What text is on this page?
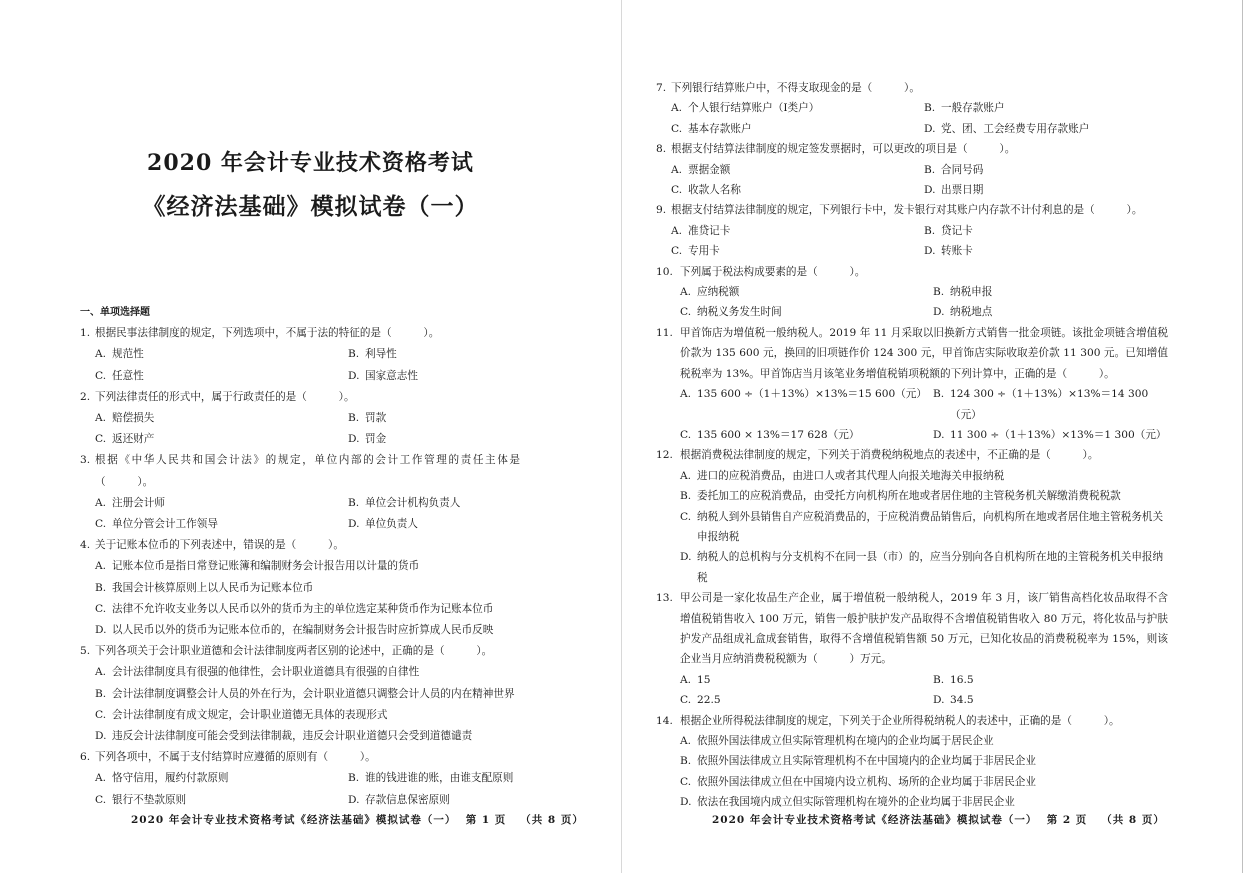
2020 年会计专业技术资格考试
《经济法基础》模拟试卷（一）
一、单项选择题
1. 根据民事法律制度的规定，下列选项中，不属于法的特征的是（　　　）。
A. 规范性	B. 利导性
C. 任意性	D. 国家意志性
2. 下列法律责任的形式中，属于行政责任的是（　　　）。
A. 赔偿损失	B. 罚款
C. 返还财产	D. 罚金
3. 根据《中华人民共和国会计法》的规定，单位内部的会计工作管理的责任主体是（　　　）。
A. 注册会计师	B. 单位会计机构负责人
C. 单位分管会计工作领导	D. 单位负责人
4. 关于记账本位币的下列表述中，错误的是（　　　）。
A. 记账本位币是指日常登记账簿和编制财务会计报告用以计量的货币
B. 我国会计核算原则上以人民币为记账本位币
C. 法律不允许收支业务以人民币以外的货币为主的单位选定某种货币作为记账本位币
D. 以人民币以外的货币为记账本位币的，在编制财务会计报告时应折算成人民币反映
5. 下列各项关于会计职业道德和会计法律制度两者区别的论述中，正确的是（　　　）。
A. 会计法律制度具有很强的他律性，会计职业道德具有很强的自律性
B. 会计法律制度调整会计人员的外在行为，会计职业道德只调整会计人员的内在精神世界
C. 会计法律制度有成文规定，会计职业道德无具体的表现形式
D. 违反会计法律制度可能会受到法律制裁，违反会计职业道德只会受到道德谴责
6. 下列各项中，不属于支付结算时应遵循的原则有（　　　）。
A. 恪守信用，履约付款原则	B. 谁的钱进谁的账，由谁支配原则
C. 银行不垫款原则	D. 存款信息保密原则
2020 年会计专业技术资格考试《经济法基础》模拟试卷（一）  第 1 页   （共 8 页）
7. 下列银行结算账户中，不得支取现金的是（　　　）。
A. 个人银行结算账户（Ⅰ类户）	B. 一般存款账户
C. 基本存款账户	D. 党、团、工会经费专用存款账户
8. 根据支付结算法律制度的规定签发票据时，可以更改的项目是（　　　）。
A. 票据金额	B. 合同号码
C. 收款人名称	D. 出票日期
9. 根据支付结算法律制度的规定，下列银行卡中，发卡银行对其账户内存款不计付利息的是（　　　）。
A. 准贷记卡	B. 贷记卡
C. 专用卡	D. 转账卡
10. 下列属于税法构成要素的是（　　　）。
A. 应纳税额	B. 纳税申报
C. 纳税义务发生时间	D. 纳税地点
11. 甲首饰店为增值税一般纳税人。2019 年 11 月采取以旧换新方式销售一批金项链。该批金项链含增值税价款为 135 600 元，换回的旧项链作价 124 300 元，甲首饰店实际收取差价款 11 300 元。已知增值税税率为 13%。甲首饰店当月该笔业务增值税销项税额的下列计算中，正确的是（　　　）。
A. 135 600 ÷（1＋13%）×13%＝15 600（元） B. 124 300 ÷（1＋13%）×13%＝14 300（元）
C. 135 600 × 13%＝17 628（元）	D. 11 300 ÷（1＋13%）×13%＝1 300（元）
12. 根据消费税法律制度的规定，下列关于消费税纳税地点的表述中，不正确的是（　　　）。
A. 进口的应税消费品，由进口人或者其代理人向报关地海关申报纳税
B. 委托加工的应税消费品，由受托方向机构所在地或者居住地的主管税务机关解缴消费税税款
C. 纳税人到外县销售自产应税消费品的，于应税消费品销售后，向机构所在地或者居住地主管税务机关申报纳税
D. 纳税人的总机构与分支机构不在同一县（市）的，应当分别向各自机构所在地的主管税务机关申报纳税
13. 甲公司是一家化妆品生产企业，属于增值税一般纳税人，2019 年 3 月，该厂销售高档化妆品取得不含增值税销售收入 100 万元，销售一般护肤护发产品取得不含增值税销售收入 80 万元，将化妆品与护肤护发产品组成礼盒成套销售，取得不含增值税销售额 50 万元，已知化妆品的消费税税率为 15%，则该企业当月应纳消费税税额为（　　　）万元。
A. 15	B. 16.5
C. 22.5	D. 34.5
14. 根据企业所得税法律制度的规定，下列关于企业所得税纳税人的表述中，正确的是（　　　）。
A. 依照外国法律成立但实际管理机构在境内的企业均属于居民企业
B. 依照外国法律成立且实际管理机构不在中国境内的企业均属于非居民企业
C. 依照外国法律成立但在中国境内设立机构、场所的企业均属于非居民企业
D. 依法在我国境内成立但实际管理机构在境外的企业均属于非居民企业
2020 年会计专业技术资格考试《经济法基础》模拟试卷（一）  第 2 页   （共 8 页）
